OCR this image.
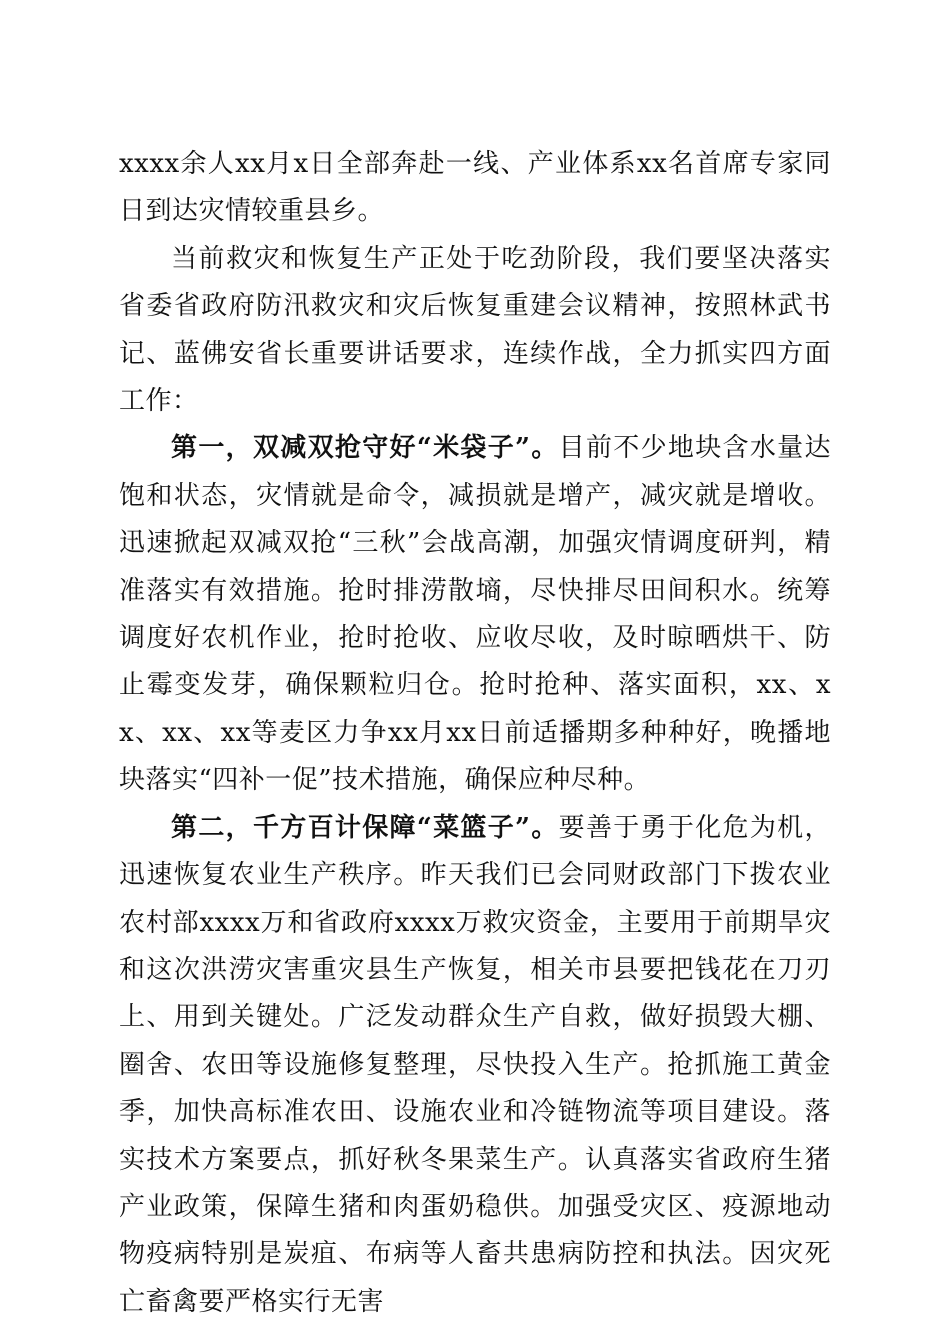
xxxx余人xx月x日全部奔赴一线、产业体系xx名首席专家同日到达灾情较重县乡。

当前救灾和恢复生产正处于吃劲阶段，我们要坚决落实省委省政府防汛救灾和灾后恢复重建会议精神，按照林武书记、蓝佛安省长重要讲话要求，连续作战，全力抓实四方面工作：

第一，双减双抢守好“米袋子”。目前不少地块含水量达饱和状态，灾情就是命令，减损就是增产，减灾就是增收。迅速掀起双减双抢“三秋”会战高潮，加强灾情调度研判，精准落实有效措施。抢时排涝散墒，尽快排尽田间积水。统筹调度好农机作业，抢时抢收、应收尽收，及时晾晒烘干、防止霉变发芽，确保颗粒归仓。抢时抢种、落实面积，xx、xx、xx、xx等麦区力争xx月xx日前适播期多种种好，晚播地块落实“四补一促”技术措施，确保应种尽种。

第二，千方百计保障“菜篮子”。要善于勇于化危为机，迅速恢复农业生产秩序。昨天我们已会同财政部门下拨农业农村部xxxx万和省政府xxxx万救灾资金，主要用于前期旱灾和这次洪涝灾害重灾县生产恢复，相关市县要把钱花在刀刃上、用到关键处。广泛发动群众生产自救，做好损毁大棚、圈舍、农田等设施修复整理，尽快投入生产。抢抓施工黄金季，加快高标准农田、设施农业和冷链物流等项目建设。落实技术方案要点，抓好秋冬果菜生产。认真落实省政府生猪产业政策，保障生猪和肉蛋奶稳供。加强受灾区、疫源地动物疫病特别是炭疽、布病等人畜共患病防控和执法。因灾死亡畜禽要严格实行无害
